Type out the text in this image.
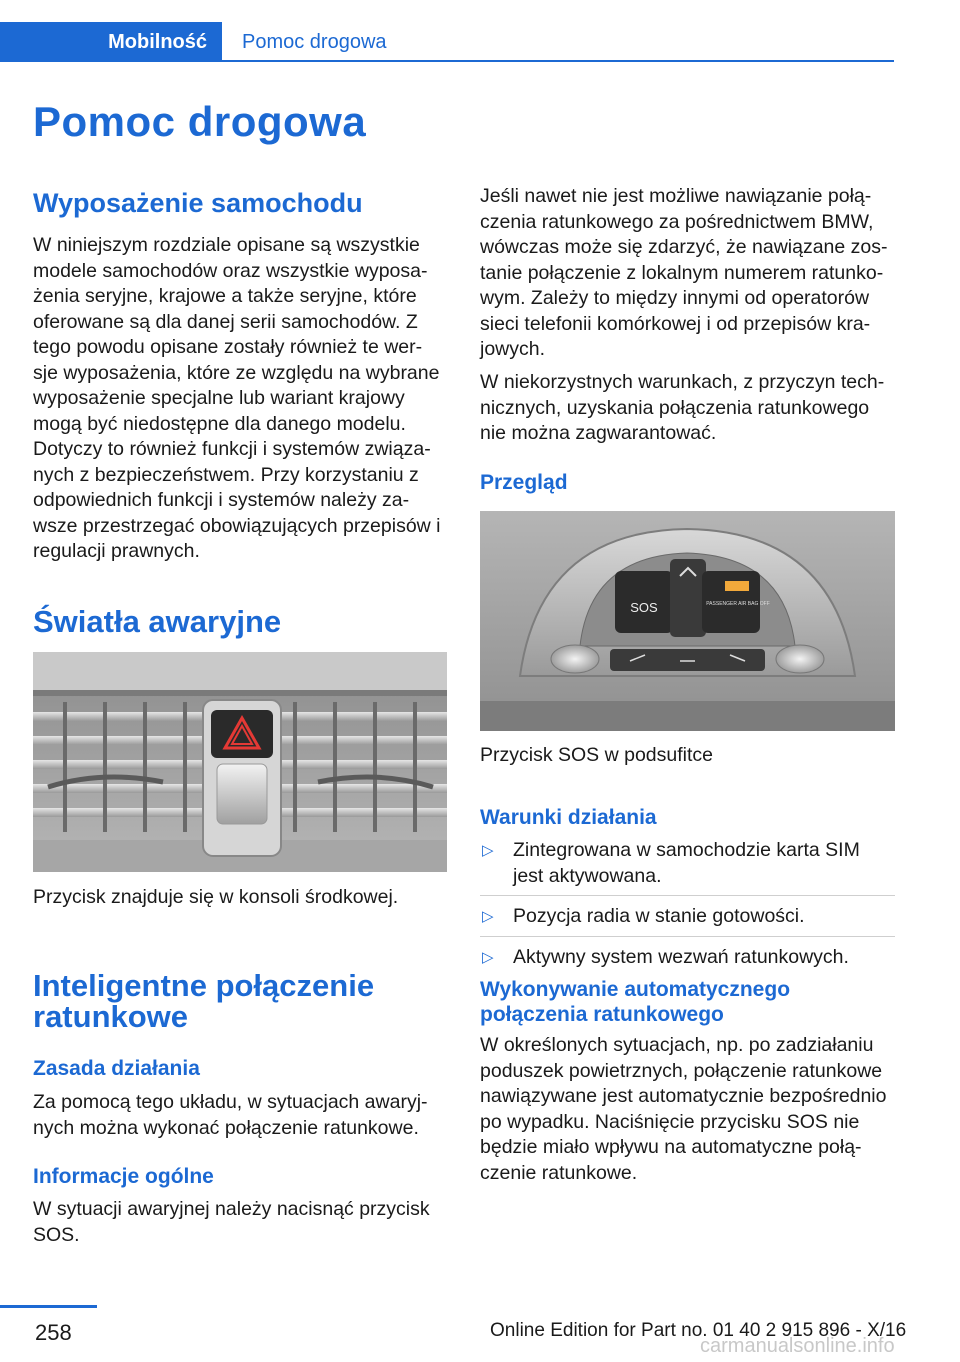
Mobilność	Pomoc drogowa
Pomoc drogowa
Wyposażenie samochodu

W niniejszym rozdziale opisane są wszystkie modele samochodów oraz wszystkie wyposa‐żenia seryjne, krajowe a także seryjne, które oferowane są dla danej serii samochodów. Z tego powodu opisane zostały również te wer‐sje wyposażenia, które ze względu na wybrane wyposażenie specjalne lub wariant krajowy mogą być niedostępne dla danego modelu. Dotyczy to również funkcji i systemów związa‐nych z bezpieczeństwem. Przy korzystaniu z odpowiednich funkcji i systemów należy za‐wsze przestrzegać obowiązujących przepisów i regulacji prawnych.

Światła awaryjne

Przycisk znajduje się w konsoli środkowej.

Inteligentne połączenie ratunkowe
Zasada działania

Za pomocą tego układu, w sytuacjach awaryj‐nych można wykonać połączenie ratunkowe.

Informacje ogólne

W sytuacji awaryjnej należy nacisnąć przycisk SOS.

Jeśli nawet nie jest możliwe nawiązanie połą‐czenia ratunkowego za pośrednictwem BMW, wówczas może się zdarzyć, że nawiązane zos‐tanie połączenie z lokalnym numerem ratunko‐wym. Zależy to między innymi od operatorów sieci telefonii komórkowej i od przepisów kra‐jowych.

W niekorzystnych warunkach, z przyczyn tech‐nicznych, uzyskania połączenia ratunkowego nie można zagwarantować.

Przegląd
SOS	PASSENGER AIR BAG OFF

Przycisk SOS w podsufitce

Warunki działania
▷ Zintegrowana w samochodzie karta SIM jest aktywowana.
▷ Pozycja radia w stanie gotowości.
▷ Aktywny system wezwań ratunkowych.
Wykonywanie automatycznego połączenia ratunkowego

W określonych sytuacjach, np. po zadziałaniu poduszek powietrznych, połączenie ratunkowe nawiązywane jest automatycznie bezpośrednio po wypadku. Naciśnięcie przycisku SOS nie będzie miało wpływu na automatyczne połą‐czenie ratunkowe.

258	Online Edition for Part no. 01 40 2 915 896 - X/16
carmanualsonline.info
